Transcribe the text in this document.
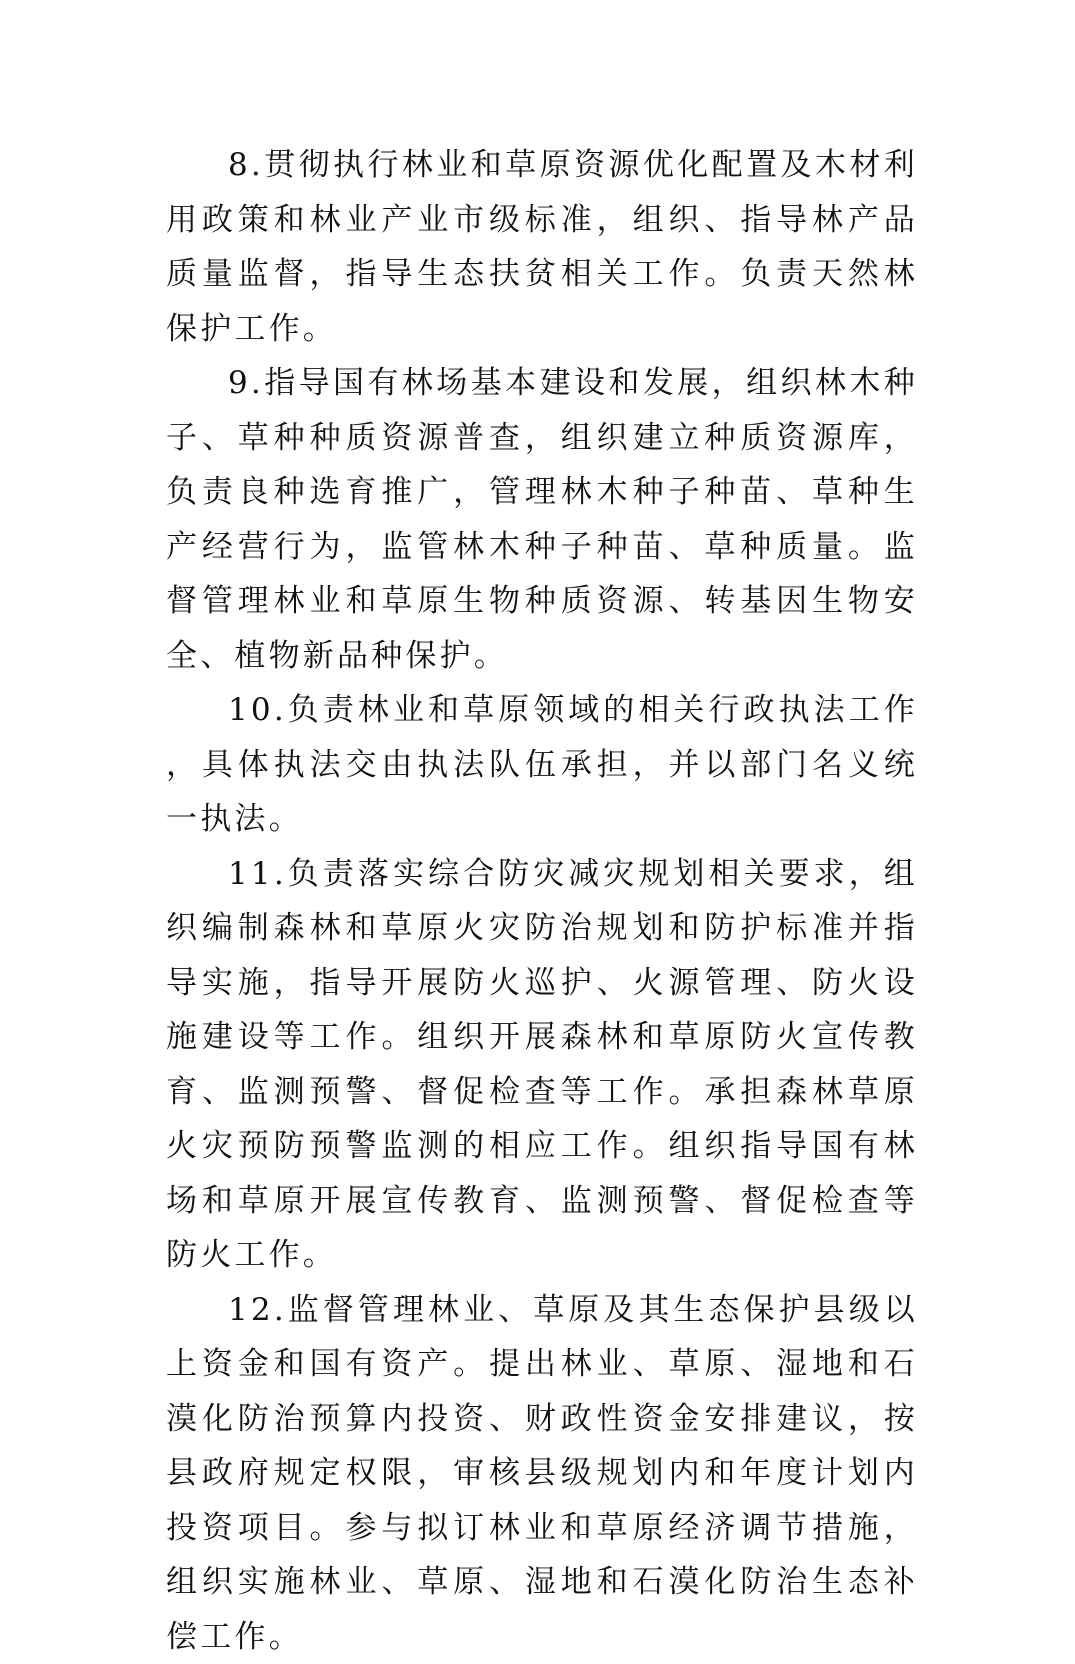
8.贯彻执行林业和草原资源优化配置及木材利用政策和林业产业市级标准，组织、指导林产品质量监督，指导生态扶贫相关工作。负责天然林保护工作。

9.指导国有林场基本建设和发展，组织林木种子、草种种质资源普查，组织建立种质资源库，负责良种选育推广，管理林木种子种苗、草种生产经营行为，监管林木种子种苗、草种质量。监督管理林业和草原生物种质资源、转基因生物安全、植物新品种保护。

10.负责林业和草原领域的相关行政执法工作，具体执法交由执法队伍承担，并以部门名义统一执法。

11.负责落实综合防灾减灾规划相关要求，组织编制森林和草原火灾防治规划和防护标准并指导实施，指导开展防火巡护、火源管理、防火设施建设等工作。组织开展森林和草原防火宣传教育、监测预警、督促检查等工作。承担森林草原火灾预防预警监测的相应工作。组织指导国有林场和草原开展宣传教育、监测预警、督促检查等防火工作。

12.监督管理林业、草原及其生态保护县级以上资金和国有资产。提出林业、草原、湿地和石漠化防治预算内投资、财政性资金安排建议，按县政府规定权限，审核县级规划内和年度计划内投资项目。参与拟订林业和草原经济调节措施，组织实施林业、草原、湿地和石漠化防治生态补偿工作。
